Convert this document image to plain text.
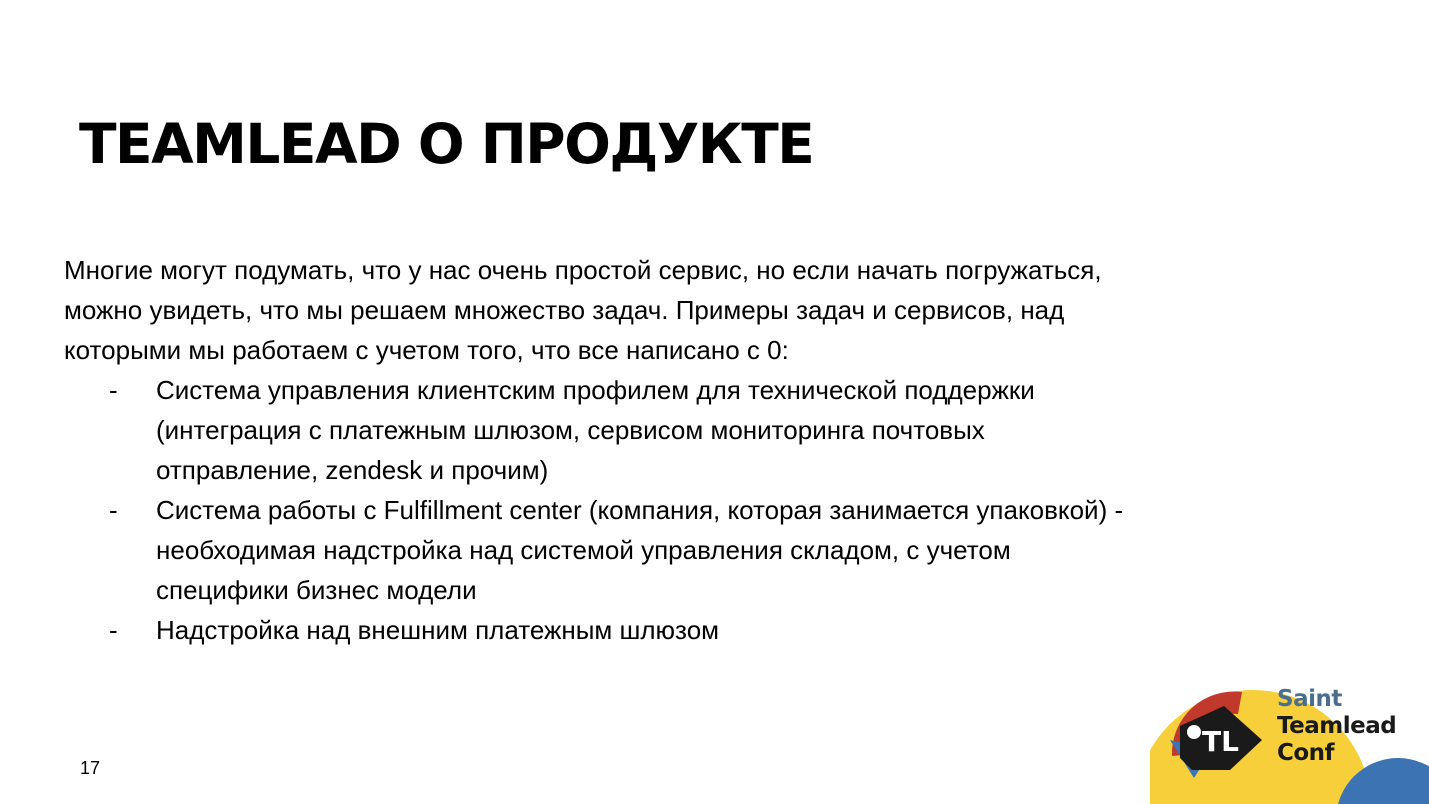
TEAMLEAD О ПРОДУКТЕ

Многие могут подумать, что у нас очень простой сервис, но если начать погружаться,
можно увидеть, что мы решаем множество задач. Примеры задач и сервисов, над
которыми мы работаем с учетом того, что все написано с 0:

- Система управления клиентским профилем для технической поддержки
(интеграция с платежным шлюзом, сервисом мониторинга почтовых
отправление, zendesk и прочим)
- Система работы с Fulfillment center (компания, которая занимается упаковкой) -
необходимая надстройка над системой управления складом, с учетом
специфики бизнес модели
- Надстройка над внешним платежным шлюзом
17
TL
Saint
Teamlead
Conf
